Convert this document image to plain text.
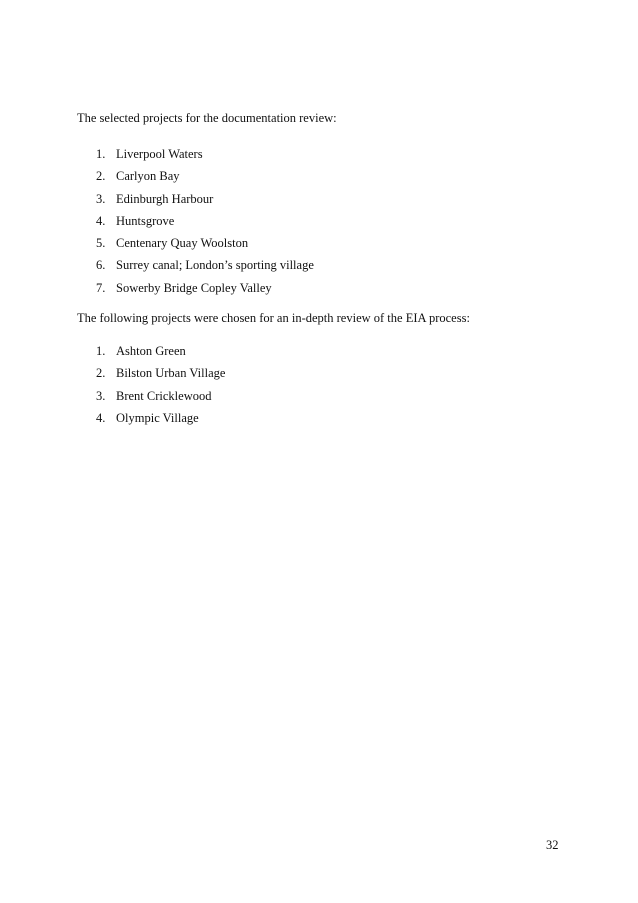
The selected projects for the documentation review:

1. Liverpool Waters
2. Carlyon Bay
3. Edinburgh Harbour
4. Huntsgrove
5. Centenary Quay Woolston
6. Surrey canal; London’s sporting village
7. Sowerby Bridge Copley Valley

The following projects were chosen for an in-depth review of the EIA process:

1. Ashton Green
2. Bilston Urban Village
3. Brent Cricklewood
4. Olympic Village

32
